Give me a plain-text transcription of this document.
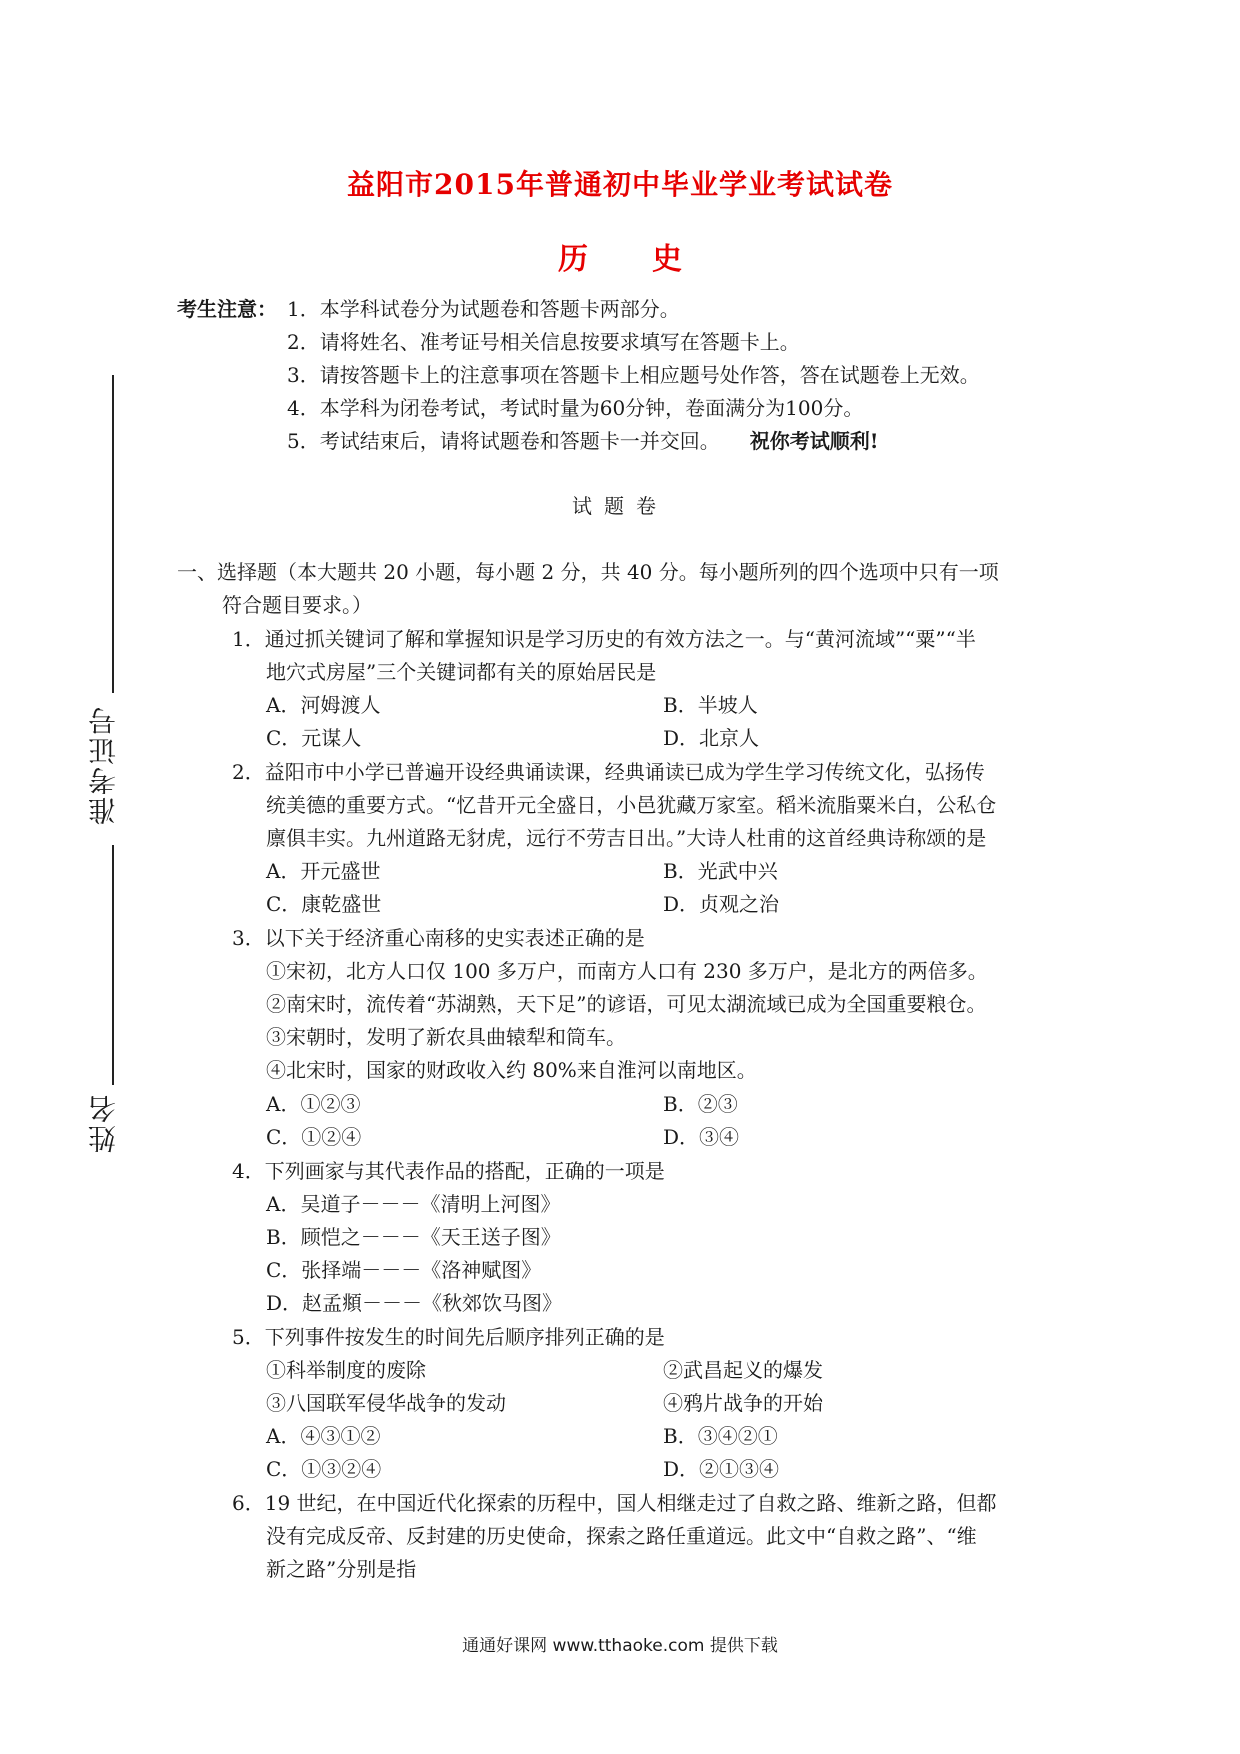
益阳市2015年普通初中毕业学业考试试卷
历 史
考生注意： 1．本学科试卷分为试题卷和答题卡两部分。
2．请将姓名、准考证号相关信息按要求填写在答题卡上。
3．请按答题卡上的注意事项在答题卡上相应题号处作答，答在试题卷上无效。
4．本学科为闭卷考试，考试时量为60分钟，卷面满分为100分。
5．考试结束后，请将试题卷和答题卡一并交回。 祝你考试顺利!
试题卷
一、选择题（本大题共 20 小题，每小题 2 分，共 40 分。每小题所列的四个选项中只有一项
符合题目要求。）
1．通过抓关键词了解和掌握知识是学习历史的有效方法之一。与“黄河流域”“粟”“半
地穴式房屋”三个关键词都有关的原始居民是
A．河姆渡人	B．半坡人
C．元谋人	D．北京人
2．益阳市中小学已普遍开设经典诵读课，经典诵读已成为学生学习传统文化，弘扬传
统美德的重要方式。“忆昔开元全盛日，小邑犹藏万家室。稻米流脂粟米白，公私仓
廪俱丰实。九州道路无豺虎，远行不劳吉日出。”大诗人杜甫的这首经典诗称颂的是
A．开元盛世	B．光武中兴
C．康乾盛世	D．贞观之治
3．以下关于经济重心南移的史实表述正确的是
①宋初，北方人口仅 100 多万户，而南方人口有 230 多万户，是北方的两倍多。
②南宋时，流传着“苏湖熟，天下足”的谚语，可见太湖流域已成为全国重要粮仓。
③宋朝时，发明了新农具曲辕犁和筒车。
④北宋时，国家的财政收入约 80%来自淮河以南地区。
A．①②③	B．②③
C．①②④	D．③④
4．下列画家与其代表作品的搭配，正确的一项是
A．吴道子－－－《清明上河图》
B．顾恺之－－－《天王送子图》
C．张择端－－－《洛神赋图》
D．赵孟頫－－－《秋郊饮马图》
5．下列事件按发生的时间先后顺序排列正确的是
①科举制度的废除	②武昌起义的爆发
③八国联军侵华战争的发动	④鸦片战争的开始
A．④③①②	B．③④②①
C．①③②④	D．②①③④
6．19 世纪，在中国近代化探索的历程中，国人相继走过了自救之路、维新之路，但都
没有完成反帝、反封建的历史使命，探索之路任重道远。此文中“自救之路”、“维
新之路”分别是指
准考证号
姓名
通通好课网 www.tthaoke.com 提供下载
